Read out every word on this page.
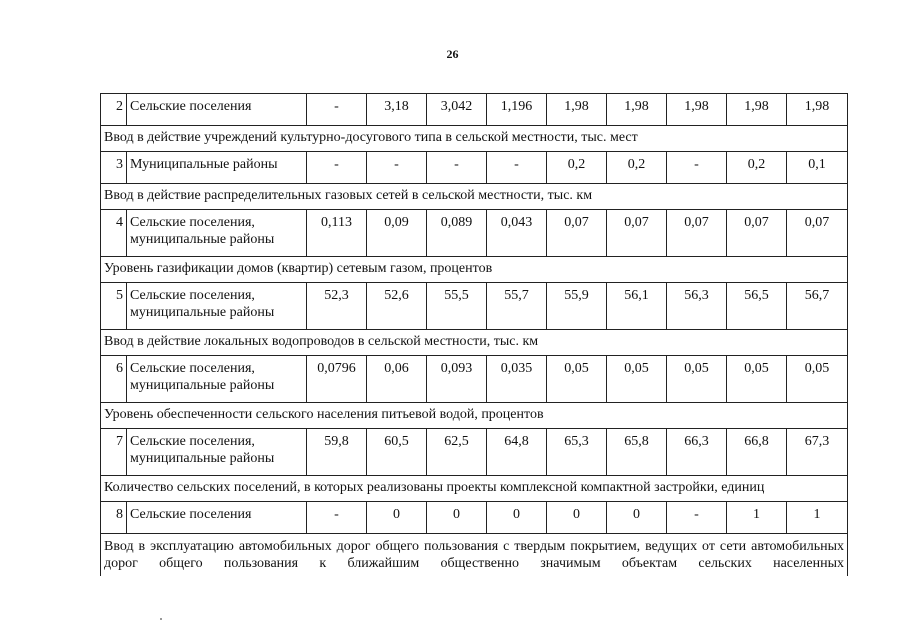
26
2	Сельские поселения	-	3,18	3,042	1,196	1,98	1,98	1,98	1,98	1,98
Ввод в действие учреждений культурно-досугового типа в сельской местности, тыс. мест										
3	Муниципальные районы	-	-	-	-	0,2	0,2	-	0,2	0,1
Ввод в действие распределительных газовых сетей в сельской местности, тыс. км										
4	Сельские поселения, муниципальные районы	0,113	0,09	0,089	0,043	0,07	0,07	0,07	0,07	0,07
Уровень газификации домов (квартир) сетевым газом, процентов										
5	Сельские поселения, муниципальные районы	52,3	52,6	55,5	55,7	55,9	56,1	56,3	56,5	56,7
Ввод в действие локальных водопроводов в сельской местности, тыс. км										
6	Сельские поселения, муниципальные районы	0,0796	0,06	0,093	0,035	0,05	0,05	0,05	0,05	0,05
Уровень обеспеченности сельского населения питьевой водой, процентов										
7	Сельские поселения, муниципальные районы	59,8	60,5	62,5	64,8	65,3	65,8	66,3	66,8	67,3
Количество сельских поселений, в которых реализованы проекты комплексной компактной застройки, единиц										
8	Сельские поселения	-	0	0	0	0	0	-	1	1
Ввод в эксплуатацию автомобильных дорог общего пользования с твердым покрытием, ведущих от сети автомобильных дорог общего пользования к ближайшим общественно значимым объектам сельских населенных										
